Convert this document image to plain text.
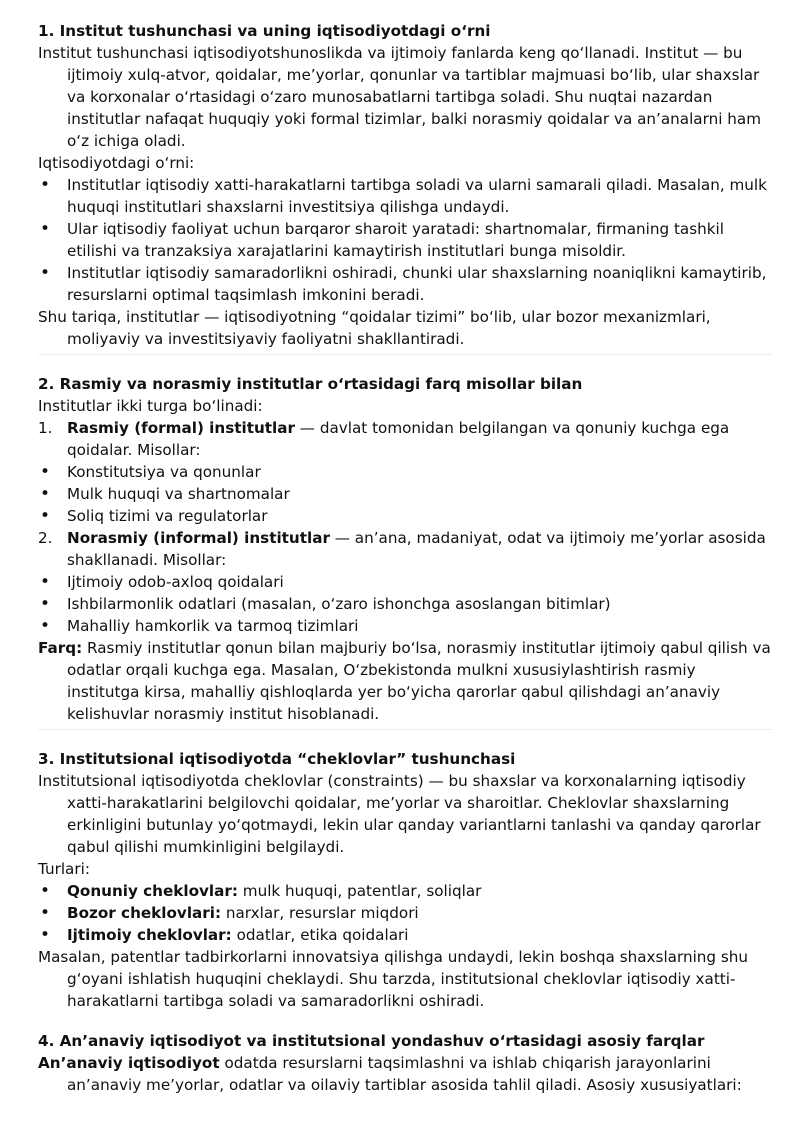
1. Institut tushunchasi va uning iqtisodiyotdagi o‘rni
Institut tushunchasi iqtisodiyotshunoslikda va ijtimoiy fanlarda keng qo‘llanadi. Institut — bu ijtimoiy xulq-atvor, qoidalar, me’yorlar, qonunlar va tartiblar majmuasi bo‘lib, ular shaxslar va korxonalar o‘rtasidagi o‘zaro munosabatlarni tartibga soladi. Shu nuqtai nazardan institutlar nafaqat huquqiy yoki formal tizimlar, balki norasmiy qoidalar va an’analarni ham o‘z ichiga oladi.
Iqtisodiyotdagi o‘rni:
• Institutlar iqtisodiy xatti-harakatlarni tartibga soladi va ularni samarali qiladi. Masalan, mulk huquqi institutlari shaxslarni investitsiya qilishga undaydi.
• Ular iqtisodiy faoliyat uchun barqaror sharoit yaratadi: shartnomalar, firmaning tashkil etilishi va tranzaksiya xarajatlarini kamaytirish institutlari bunga misoldir.
• Institutlar iqtisodiy samaradorlikni oshiradi, chunki ular shaxslarning noaniqlikni kamaytirib, resurslarni optimal taqsimlash imkonini beradi.
Shu tariqa, institutlar — iqtisodiyotning “qoidalar tizimi” bo‘lib, ular bozor mexanizmlari, moliyaviy va investitsiyaviy faoliyatni shakllantiradi.
2. Rasmiy va norasmiy institutlar o‘rtasidagi farq misollar bilan
Institutlar ikki turga bo‘linadi:
1. Rasmiy (formal) institutlar — davlat tomonidan belgilangan va qonuniy kuchga ega qoidalar. Misollar:
• Konstitutsiya va qonunlar
• Mulk huquqi va shartnomalar
• Soliq tizimi va regulatorlar
2. Norasmiy (informal) institutlar — an’ana, madaniyat, odat va ijtimoiy me’yorlar asosida shakllanadi. Misollar:
• Ijtimoiy odob-axloq qoidalari
• Ishbilarmonlik odatlari (masalan, o‘zaro ishonchga asoslangan bitimlar)
• Mahalliy hamkorlik va tarmoq tizimlari
Farq: Rasmiy institutlar qonun bilan majburiy bo‘lsa, norasmiy institutlar ijtimoiy qabul qilish va odatlar orqali kuchga ega. Masalan, O‘zbekistonda mulkni xususiylashtirish rasmiy institutga kirsa, mahalliy qishloqlarda yer bo‘yicha qarorlar qabul qilishdagi an’anaviy kelishuvlar norasmiy institut hisoblanadi.
3. Institutsional iqtisodiyotda “cheklovlar” tushunchasi
Institutsional iqtisodiyotda cheklovlar (constraints) — bu shaxslar va korxonalarning iqtisodiy xatti-harakatlarini belgilovchi qoidalar, me’yorlar va sharoitlar. Cheklovlar shaxslarning erkinligini butunlay yo‘qotmaydi, lekin ular qanday variantlarni tanlashi va qanday qarorlar qabul qilishi mumkinligini belgilaydi.
Turlari:
• Qonuniy cheklovlar: mulk huquqi, patentlar, soliqlar
• Bozor cheklovlari: narxlar, resurslar miqdori
• Ijtimoiy cheklovlar: odatlar, etika qoidalari
Masalan, patentlar tadbirkorlarni innovatsiya qilishga undaydi, lekin boshqa shaxslarning shu g‘oyani ishlatish huquqini cheklaydi. Shu tarzda, institutsional cheklovlar iqtisodiy xatti-harakatlarni tartibga soladi va samaradorlikni oshiradi.
4. An’anaviy iqtisodiyot va institutsional yondashuv o‘rtasidagi asosiy farqlar
An’anaviy iqtisodiyot odatda resurslarni taqsimlashni va ishlab chiqarish jarayonlarini an’anaviy me’yorlar, odatlar va oilaviy tartiblar asosida tahlil qiladi. Asosiy xususiyatlari:
